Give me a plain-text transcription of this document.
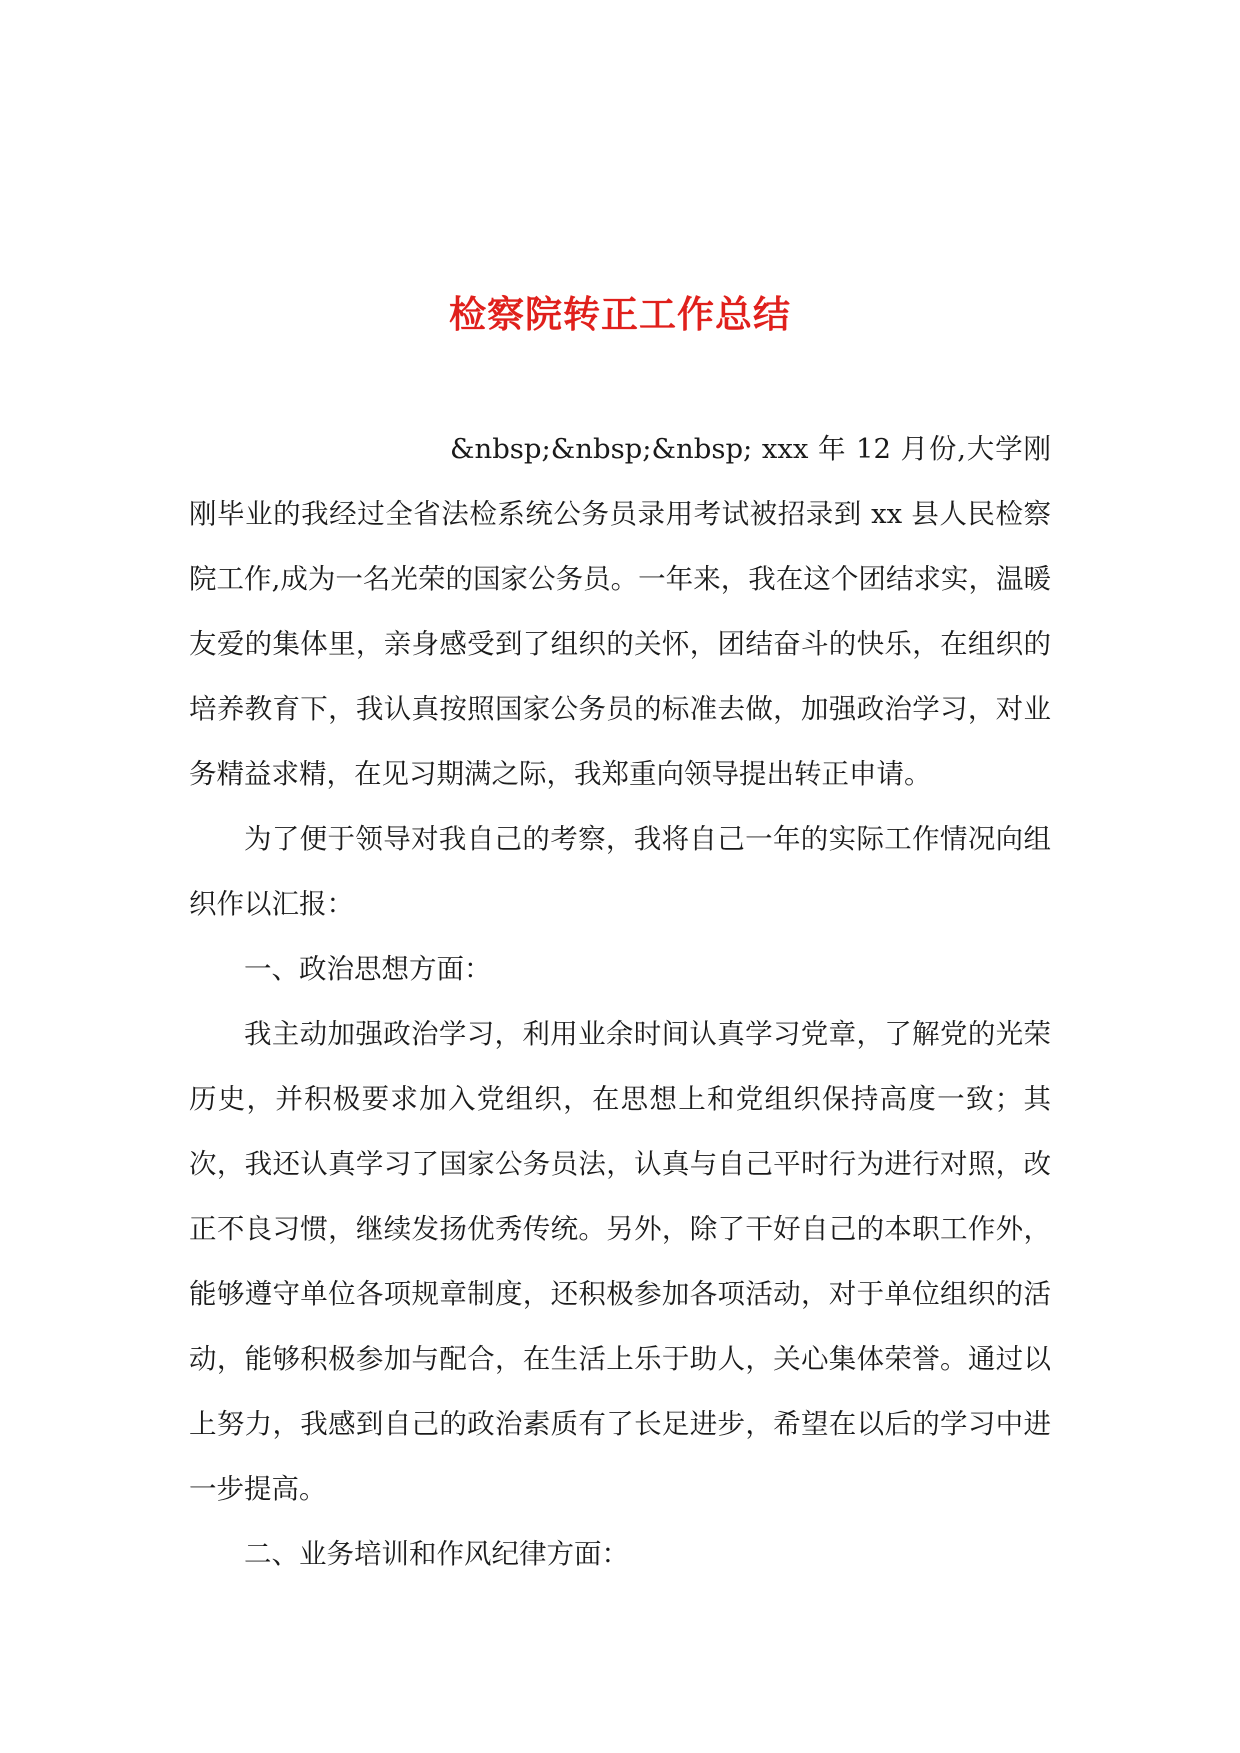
检察院转正工作总结

&nbsp;&nbsp;&nbsp; xxx 年 12 月份,大学刚刚毕业的我经过全省法检系统公务员录用考试被招录到 xx 县人民检察院工作,成为一名光荣的国家公务员。一年来，我在这个团结求实，温暖友爱的集体里，亲身感受到了组织的关怀，团结奋斗的快乐，在组织的培养教育下，我认真按照国家公务员的标准去做，加强政治学习，对业务精益求精，在见习期满之际，我郑重向领导提出转正申请。

为了便于领导对我自己的考察，我将自己一年的实际工作情况向组织作以汇报：

一、政治思想方面：

我主动加强政治学习，利用业余时间认真学习党章，了解党的光荣历史，并积极要求加入党组织，在思想上和党组织保持高度一致；其次，我还认真学习了国家公务员法，认真与自己平时行为进行对照，改正不良习惯，继续发扬优秀传统。另外，除了干好自己的本职工作外，能够遵守单位各项规章制度，还积极参加各项活动，对于单位组织的活动，能够积极参加与配合，在生活上乐于助人，关心集体荣誉。通过以上努力，我感到自己的政治素质有了长足进步，希望在以后的学习中进一步提高。

二、业务培训和作风纪律方面：
